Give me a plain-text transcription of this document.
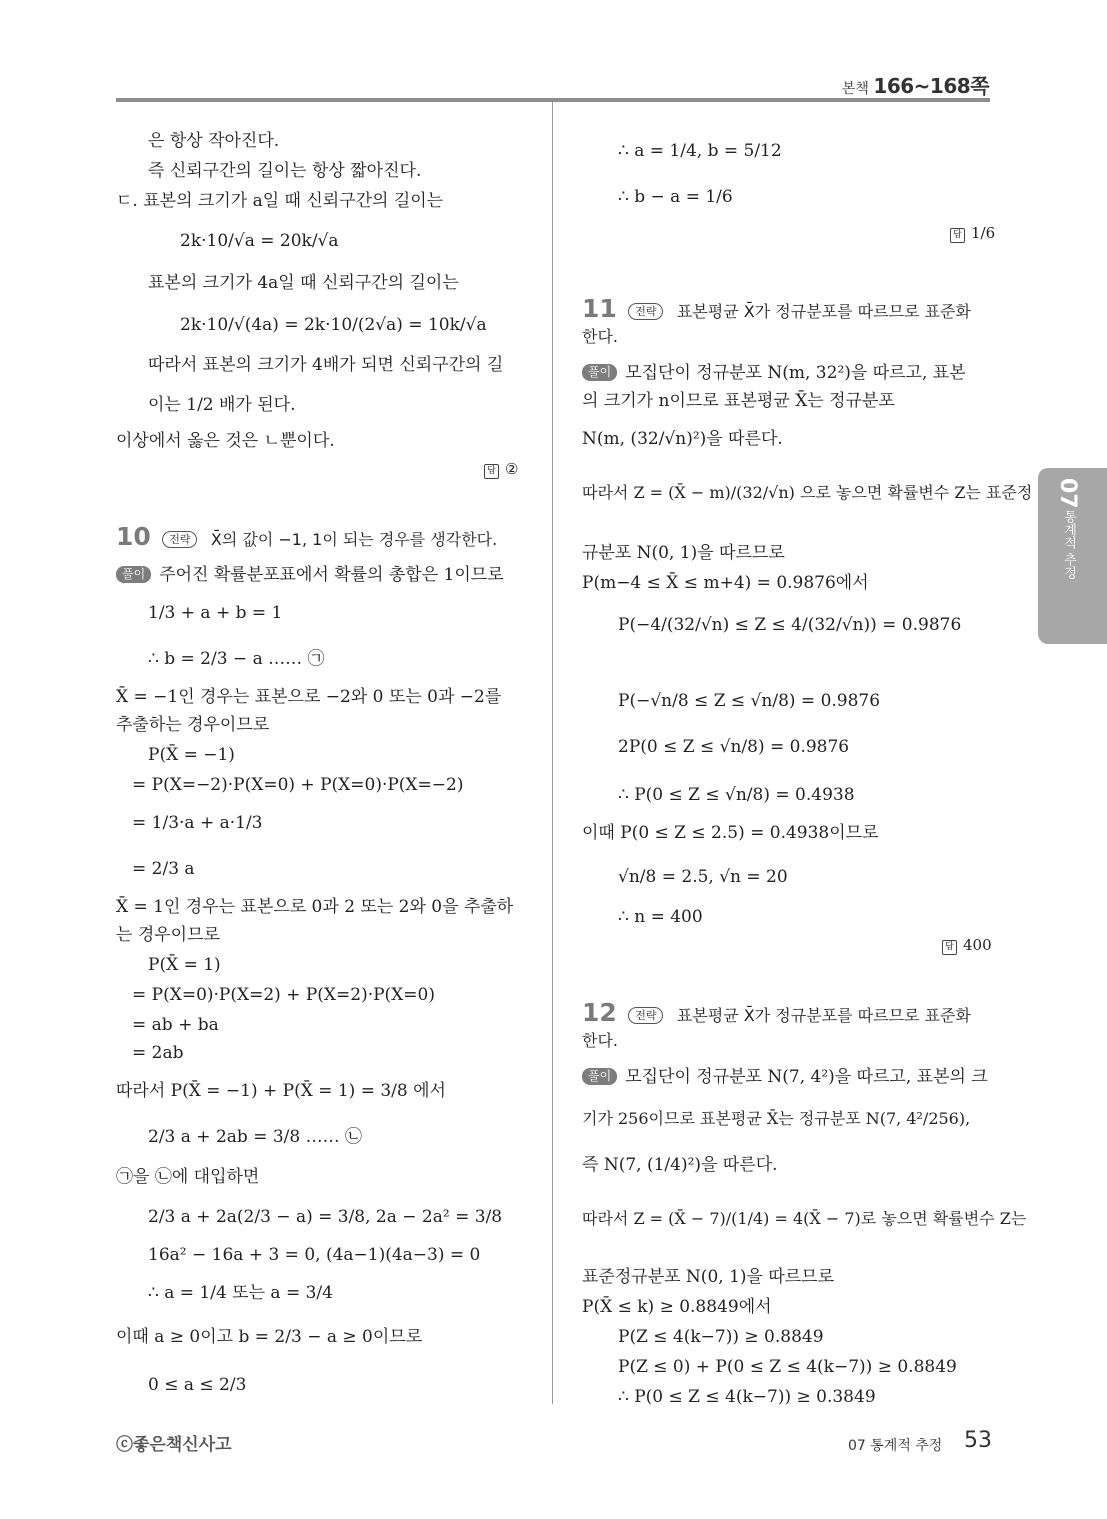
본책 166~168쪽
07
통계적 추정
은 항상 작아진다.
즉 신뢰구간의 길이는 항상 짧아진다.
ㄷ. 표본의 크기가 a일 때 신뢰구간의 길이는
2k·10/√a = 20k/√a
표본의 크기가 4a일 때 신뢰구간의 길이는
2k·10/√(4a) = 2k·10/(2√a) = 10k/√a
따라서 표본의 크기가 4배가 되면 신뢰구간의 길
이는 1/2 배가 된다.
이상에서 옳은 것은 ㄴ뿐이다.
답 ②
10 전략 X̄의 값이 −1, 1이 되는 경우를 생각한다.
풀이 주어진 확률분포표에서 확률의 총합은 1이므로
1/3 + a + b = 1
∴ b = 2/3 − a …… ㉠
X̄ = −1인 경우는 표본으로 −2와 0 또는 0과 −2를
추출하는 경우이므로
P(X̄ = −1)
= P(X=−2)·P(X=0) + P(X=0)·P(X=−2)
= 1/3·a + a·1/3
= 2/3 a
X̄ = 1인 경우는 표본으로 0과 2 또는 2와 0을 추출하
는 경우이므로
P(X̄ = 1)
= P(X=0)·P(X=2) + P(X=2)·P(X=0)
= ab + ba
= 2ab
따라서 P(X̄ = −1) + P(X̄ = 1) = 3/8 에서
2/3 a + 2ab = 3/8 …… ㉡
㉠을 ㉡에 대입하면
2/3 a + 2a(2/3 − a) = 3/8, 2a − 2a² = 3/8
16a² − 16a + 3 = 0, (4a−1)(4a−3) = 0
∴ a = 1/4 또는 a = 3/4
이때 a ≥ 0이고 b = 2/3 − a ≥ 0이므로
0 ≤ a ≤ 2/3
∴ a = 1/4, b = 5/12
∴ b − a = 1/6
답 1/6
11 전략 표본평균 X̄가 정규분포를 따르므로 표준화
한다.
풀이 모집단이 정규분포 N(m, 32²)을 따르고, 표본
의 크기가 n이므로 표본평균 X̄는 정규분포
N(m, (32/√n)²)을 따른다.
따라서 Z = (X̄ − m)/(32/√n) 으로 놓으면 확률변수 Z는 표준정
규분포 N(0, 1)을 따르므로
P(m−4 ≤ X̄ ≤ m+4) = 0.9876에서
P(−4/(32/√n) ≤ Z ≤ 4/(32/√n)) = 0.9876
P(−√n/8 ≤ Z ≤ √n/8) = 0.9876
2P(0 ≤ Z ≤ √n/8) = 0.9876
∴ P(0 ≤ Z ≤ √n/8) = 0.4938
이때 P(0 ≤ Z ≤ 2.5) = 0.4938이므로
√n/8 = 2.5, √n = 20
∴ n = 400
답 400
12 전략 표본평균 X̄가 정규분포를 따르므로 표준화
한다.
풀이 모집단이 정규분포 N(7, 4²)을 따르고, 표본의 크
기가 256이므로 표본평균 X̄는 정규분포 N(7, 4²/256),
즉 N(7, (1/4)²)을 따른다.
따라서 Z = (X̄ − 7)/(1/4) = 4(X̄ − 7)로 놓으면 확률변수 Z는
표준정규분포 N(0, 1)을 따르므로
P(X̄ ≤ k) ≥ 0.8849에서
P(Z ≤ 4(k−7)) ≥ 0.8849
P(Z ≤ 0) + P(0 ≤ Z ≤ 4(k−7)) ≥ 0.8849
∴ P(0 ≤ Z ≤ 4(k−7)) ≥ 0.3849
ⓒ좋은책신사고	07 통계적 추정 53
